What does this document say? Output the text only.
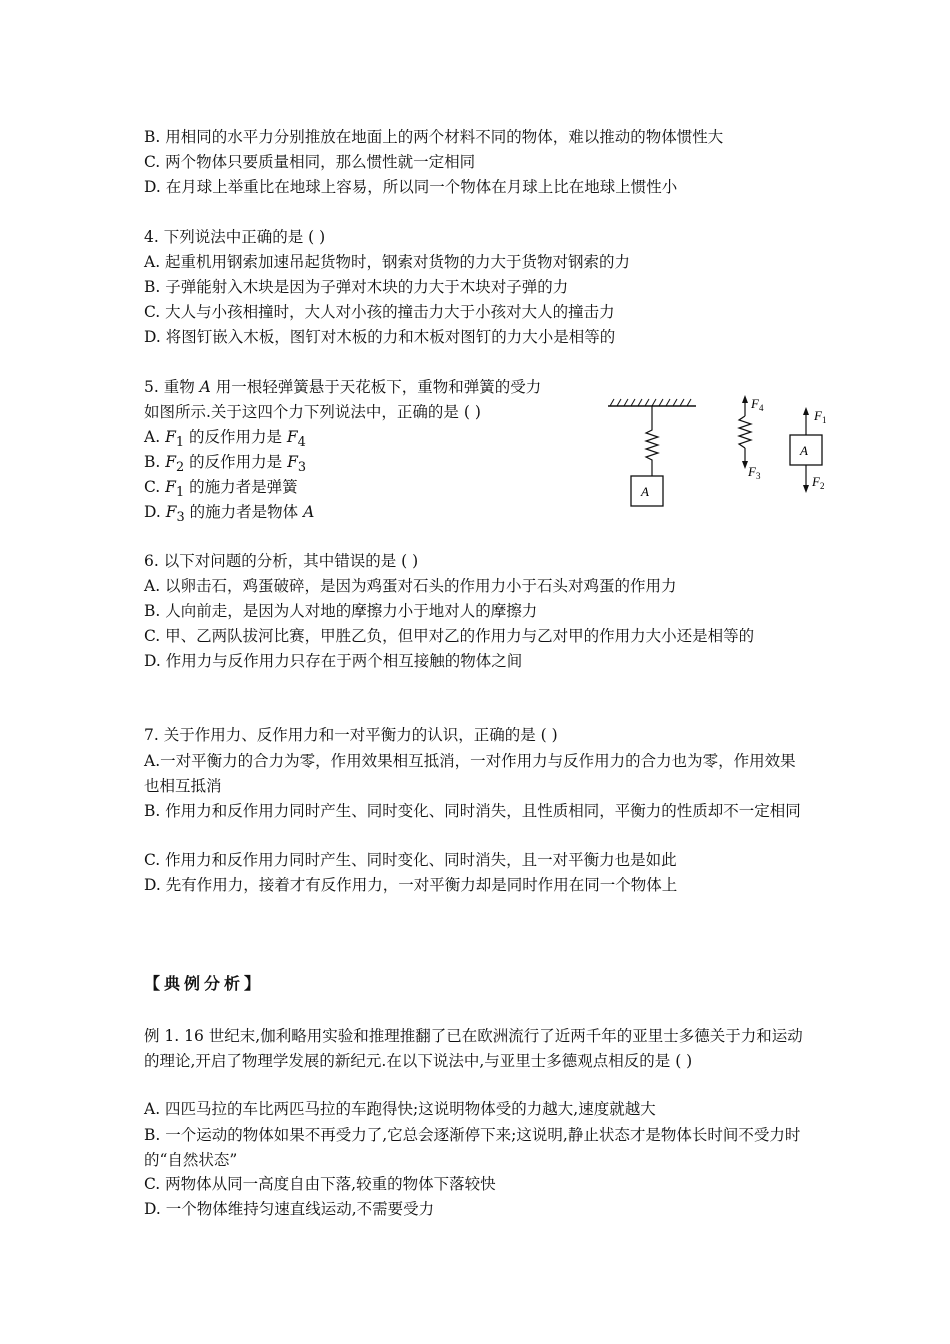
B. 用相同的水平力分别推放在地面上的两个材料不同的物体，难以推动的物体惯性大
C. 两个物体只要质量相同，那么惯性就一定相同
D. 在月球上举重比在地球上容易，所以同一个物体在月球上比在地球上惯性小
4. 下列说法中正确的是 ( )
A. 起重机用钢索加速吊起货物时，钢索对货物的力大于货物对钢索的力
B. 子弹能射入木块是因为子弹对木块的力大于木块对子弹的力
C. 大人与小孩相撞时，大人对小孩的撞击力大于小孩对大人的撞击力
D. 将图钉嵌入木板，图钉对木板的力和木板对图钉的力大小是相等的
5. 重物 A 用一根轻弹簧悬于天花板下，重物和弹簧的受力
如图所示.关于这四个力下列说法中，正确的是 ( )
A. $F_1$ 的反作用力是 $F_4$
B. $F_2$ 的反作用力是 $F_3$
C. $F_1$ 的施力者是弹簧
D. $F_3$ 的施力者是物体 A
A
$F_4$
$F_3$
A
$F_1$
$F_2$
6. 以下对问题的分析，其中错误的是 ( )
A. 以卵击石，鸡蛋破碎，是因为鸡蛋对石头的作用力小于石头对鸡蛋的作用力
B. 人向前走，是因为人对地的摩擦力小于地对人的摩擦力
C. 甲、乙两队拔河比赛，甲胜乙负，但甲对乙的作用力与乙对甲的作用力大小还是相等的
D. 作用力与反作用力只存在于两个相互接触的物体之间
7. 关于作用力、反作用力和一对平衡力的认识，正确的是 ( )
A.一对平衡力的合力为零，作用效果相互抵消，一对作用力与反作用力的合力也为零，作用效果也相互抵消
B. 作用力和反作用力同时产生、同时变化、同时消失，且性质相同，平衡力的性质却不一定相同
C. 作用力和反作用力同时产生、同时变化、同时消失，且一对平衡力也是如此
D. 先有作用力，接着才有反作用力，一对平衡力却是同时作用在同一个物体上
【典例分析】
例 1. 16 世纪末,伽利略用实验和推理推翻了已在欧洲流行了近两千年的亚里士多德关于力和运动的理论,开启了物理学发展的新纪元.在以下说法中,与亚里士多德观点相反的是 ( )
A. 四匹马拉的车比两匹马拉的车跑得快;这说明物体受的力越大,速度就越大
B. 一个运动的物体如果不再受力了,它总会逐渐停下来;这说明,静止状态才是物体长时间不受力时的“自然状态”
C. 两物体从同一高度自由下落,较重的物体下落较快
D. 一个物体维持匀速直线运动,不需要受力
